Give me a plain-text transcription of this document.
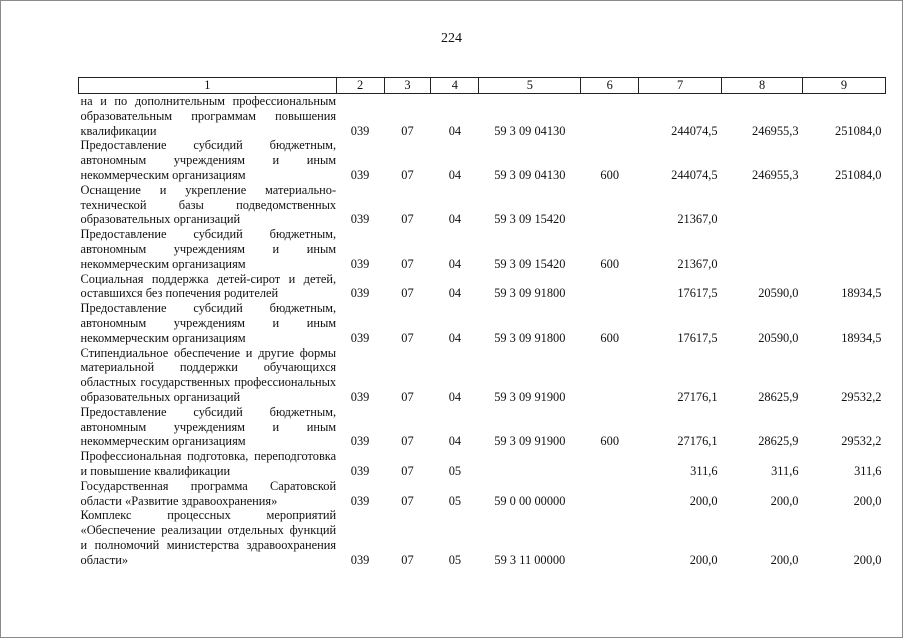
224
1	2	3	4	5	6	7	8	9
на и по дополнительным профессиональным образовательным программам повышения квалификации	039	07	04	59 3 09 04130		244074,5	246955,3	251084,0
Предоставление субсидий бюджетным, автономным учреждениям и иным некоммерческим организациям	039	07	04	59 3 09 04130	600	244074,5	246955,3	251084,0
Оснащение и укрепление материально-технической базы подведомственных образовательных организаций	039	07	04	59 3 09 15420		21367,0		
Предоставление субсидий бюджетным, автономным учреждениям и иным некоммерческим организациям	039	07	04	59 3 09 15420	600	21367,0		
Социальная поддержка детей-сирот и детей, оставшихся без попечения родителей	039	07	04	59 3 09 91800		17617,5	20590,0	18934,5
Предоставление субсидий бюджетным, автономным учреждениям и иным некоммерческим организациям	039	07	04	59 3 09 91800	600	17617,5	20590,0	18934,5
Стипендиальное обеспечение и другие формы материальной поддержки обучающихся областных государственных профессиональных образовательных организаций	039	07	04	59 3 09 91900		27176,1	28625,9	29532,2
Предоставление субсидий бюджетным, автономным учреждениям и иным некоммерческим организациям	039	07	04	59 3 09 91900	600	27176,1	28625,9	29532,2
Профессиональная подготовка, переподготовка и повышение квалификации	039	07	05			311,6	311,6	311,6
Государственная программа Саратовской области «Развитие здравоохранения»	039	07	05	59 0 00 00000		200,0	200,0	200,0
Комплекс процессных мероприятий «Обеспечение реализации отдельных функций и полномочий министерства здравоохранения области»	039	07	05	59 3 11 00000		200,0	200,0	200,0
